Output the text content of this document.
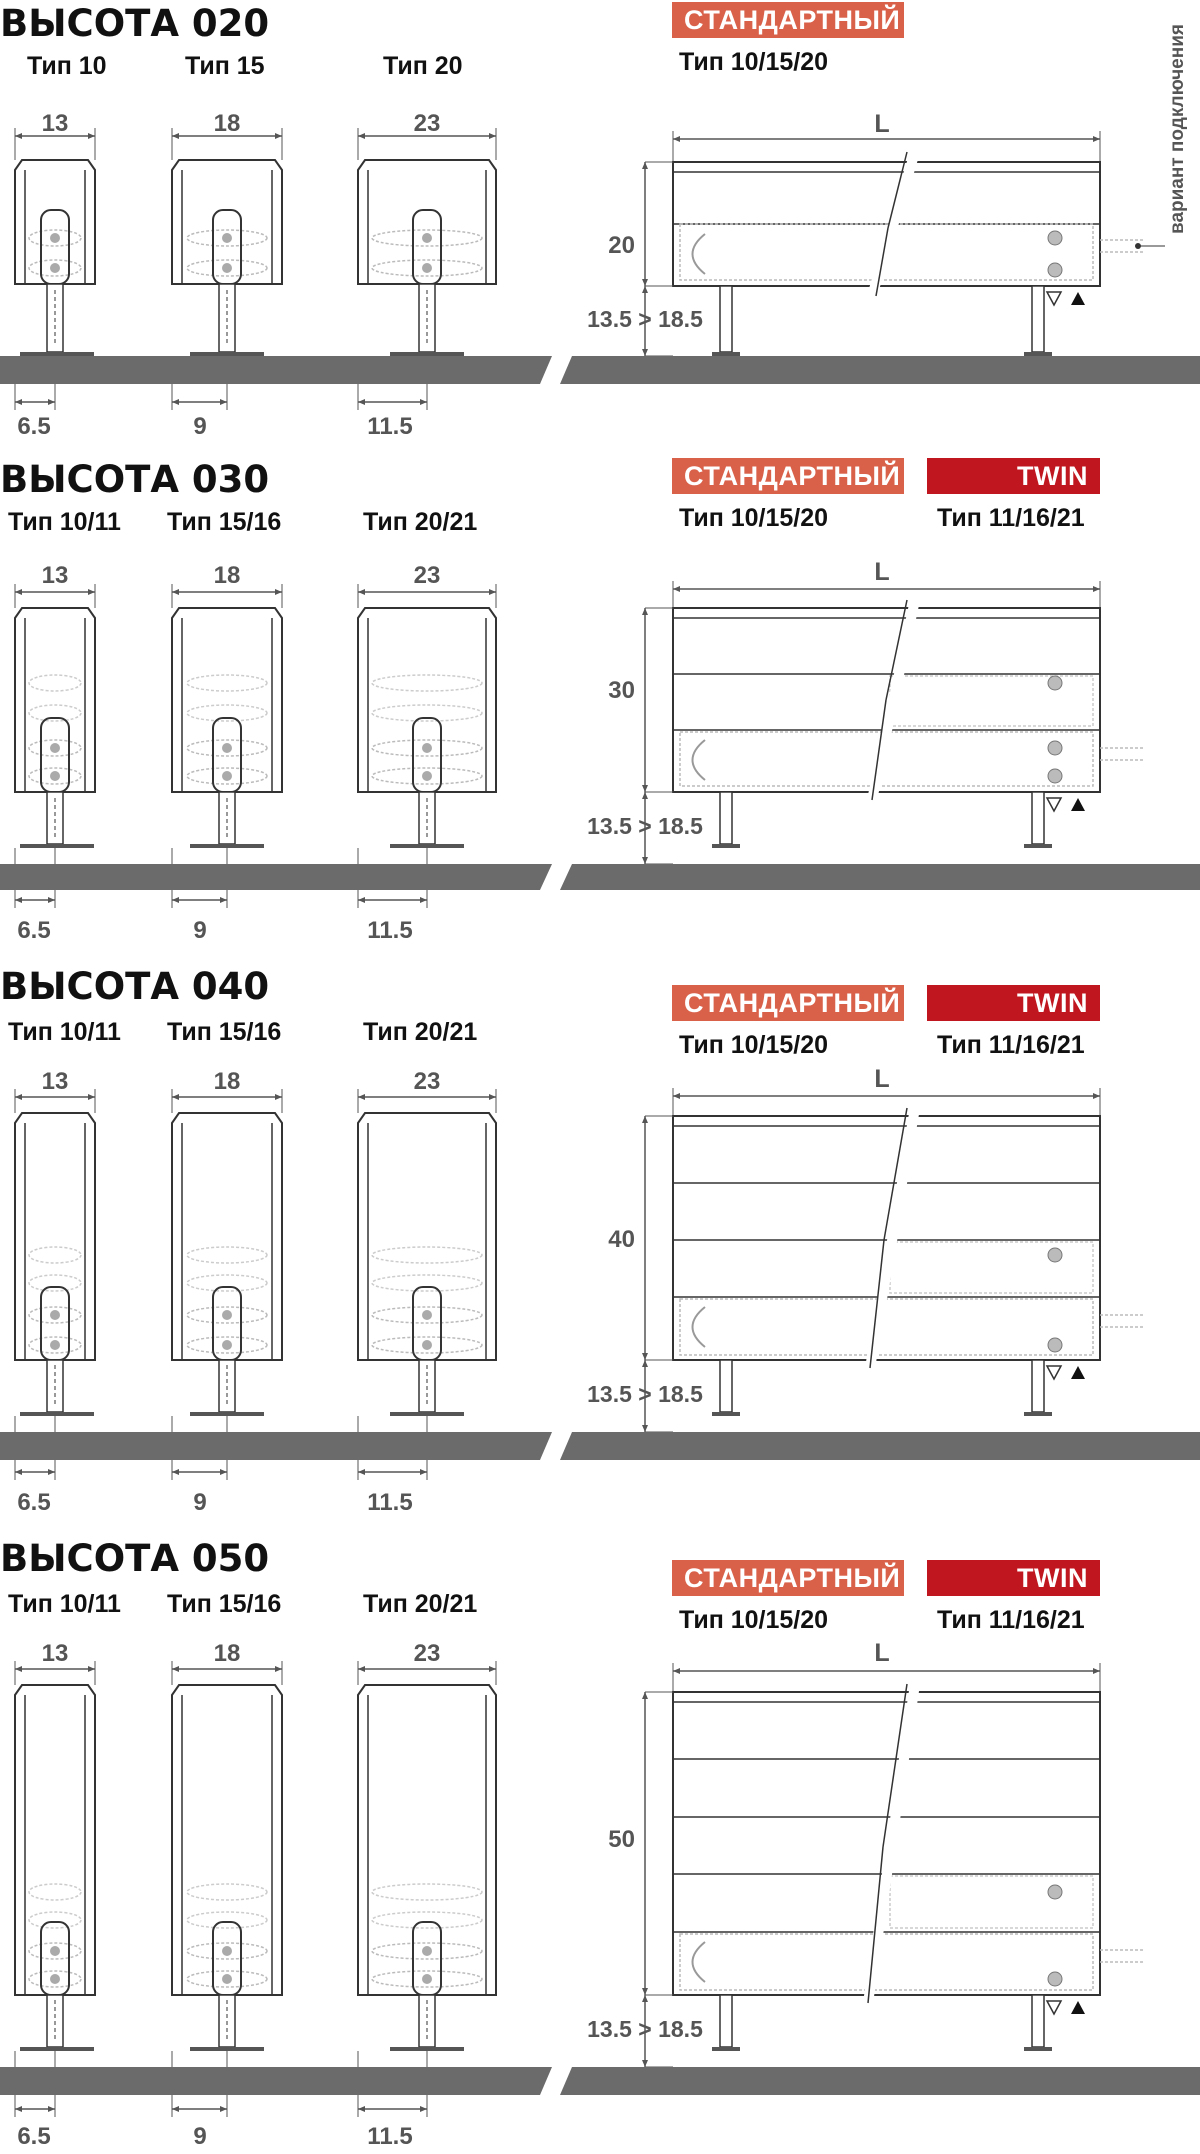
ВЫСОТА 020
Тип 10	Тип 15	Тип 20
СТАНДАРТНЫЙ
Тип 10/15/20	вариант подключения
13
6.5
18
9
23
11.5
L
20
13.5 > 18.5
ВЫСОТА 030
Тип 10/11 Тип 15/16	Тип 20/21
СТАНДАРТНЫЙ	TWIN
Тип 10/15/20	Тип 11/16/21
13
6.5
18
9
23
11.5
L
30
13.5 > 18.5
ВЫСОТА 040
Тип 10/11 Тип 15/16	Тип 20/21
СТАНДАРТНЫЙ	TWIN
Тип 10/15/20	Тип 11/16/21
13
6.5
18
9
23
11.5
L
40
13.5 > 18.5
ВЫСОТА 050
Тип 10/11 Тип 15/16	Тип 20/21
СТАНДАРТНЫЙ	TWIN
Тип 10/15/20	Тип 11/16/21
13
6.5
18
9
23
11.5
L
50
13.5 > 18.5
